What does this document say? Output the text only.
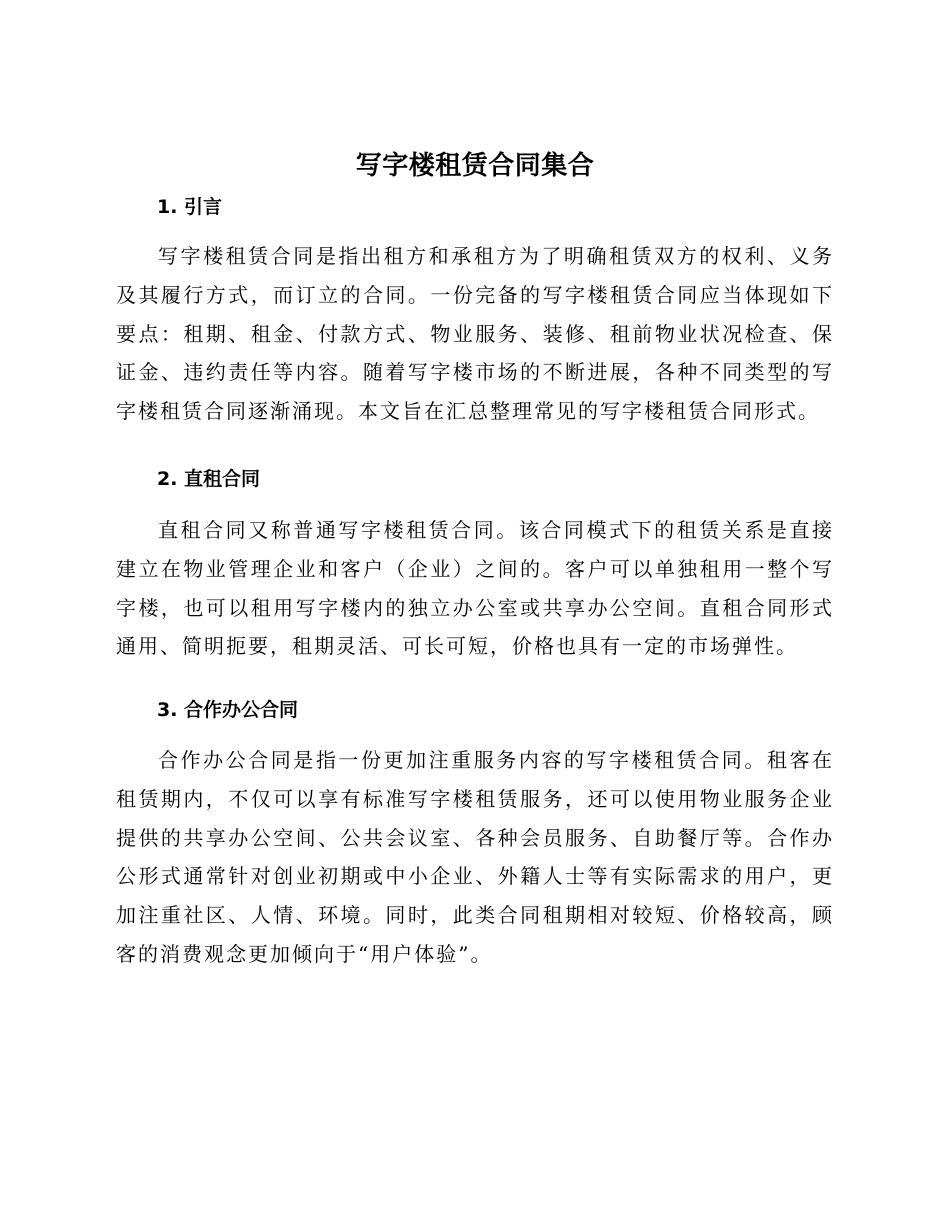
写字楼租赁合同集合
1. 引言
写字楼租赁合同是指出租方和承租方为了明确租赁双方的权利、义务及其履行方式，而订立的合同。一份完备的写字楼租赁合同应当体现如下要点：租期、租金、付款方式、物业服务、装修、租前物业状况检查、保证金、违约责任等内容。随着写字楼市场的不断进展，各种不同类型的写字楼租赁合同逐渐涌现。本文旨在汇总整理常见的写字楼租赁合同形式。
2. 直租合同
直租合同又称普通写字楼租赁合同。该合同模式下的租赁关系是直接建立在物业管理企业和客户（企业）之间的。客户可以单独租用一整个写字楼，也可以租用写字楼内的独立办公室或共享办公空间。直租合同形式通用、简明扼要，租期灵活、可长可短，价格也具有一定的市场弹性。
3. 合作办公合同
合作办公合同是指一份更加注重服务内容的写字楼租赁合同。租客在租赁期内，不仅可以享有标准写字楼租赁服务，还可以使用物业服务企业提供的共享办公空间、公共会议室、各种会员服务、自助餐厅等。合作办公形式通常针对创业初期或中小企业、外籍人士等有实际需求的用户，更加注重社区、人情、环境。同时，此类合同租期相对较短、价格较高，顾客的消费观念更加倾向于“用户体验”。
